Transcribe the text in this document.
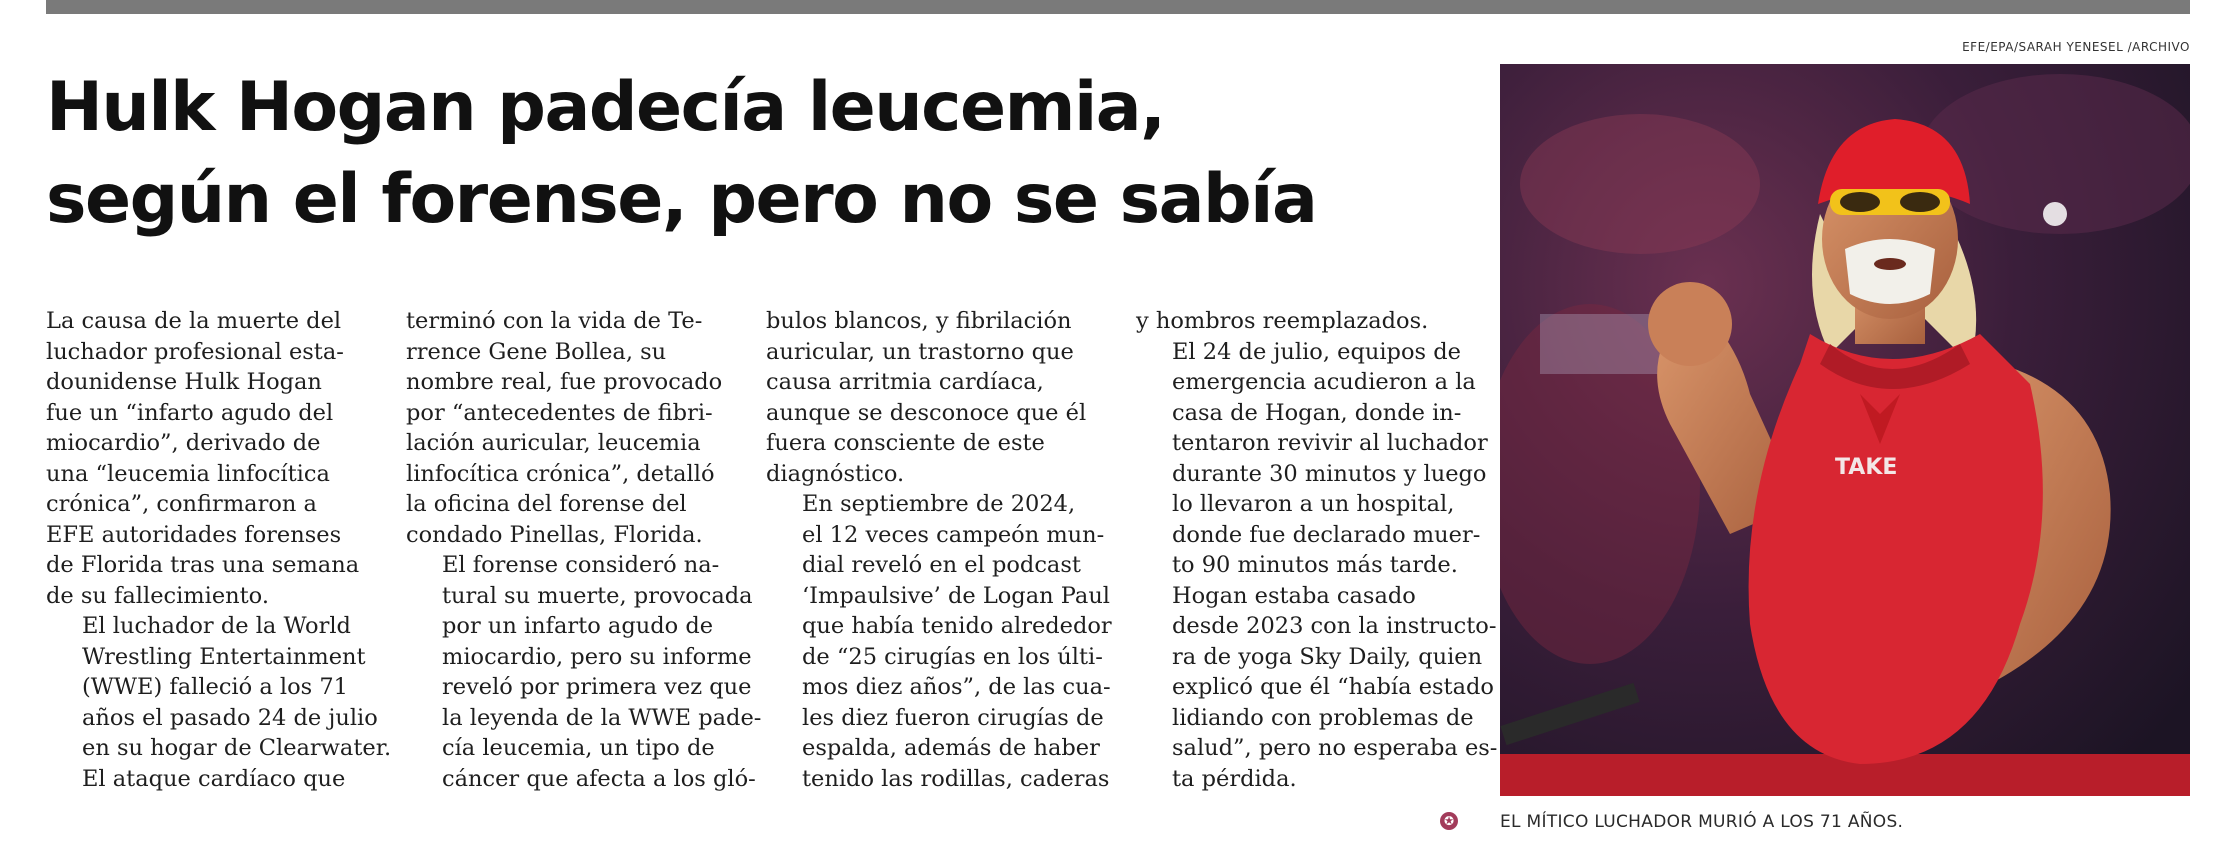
Hulk Hogan padecía leucemia,
según el forense, pero no se sabía

La causa de la muerte del
luchador profesional esta-
dounidense Hulk Hogan
fue un “infarto agudo del
miocardio”, derivado de
una “leucemia linfocítica
crónica”, confirmaron a
EFE autoridades forenses
de Florida tras una semana
de su fallecimiento.

El luchador de la World
Wrestling Entertainment
(WWE) falleció a los 71
años el pasado 24 de julio
en su hogar de Clearwater.

El ataque cardíaco que

terminó con la vida de Te-
rrence Gene Bollea, su
nombre real, fue provocado
por “antecedentes de fibri-
lación auricular, leucemia
linfocítica crónica”, detalló
la oficina del forense del
condado Pinellas, Florida.

El forense consideró na-
tural su muerte, provocada
por un infarto agudo de
miocardio, pero su informe
reveló por primera vez que
la leyenda de la WWE pade-
cía leucemia, un tipo de
cáncer que afecta a los gló-

bulos blancos, y fibrilación
auricular, un trastorno que
causa arritmia cardíaca,
aunque se desconoce que él
fuera consciente de este
diagnóstico.

En septiembre de 2024,
el 12 veces campeón mun-
dial reveló en el podcast
‘Impaulsive’ de Logan Paul
que había tenido alrededor
de “25 cirugías en los últi-
mos diez años”, de las cua-
les diez fueron cirugías de
espalda, además de haber
tenido las rodillas, caderas

y hombros reemplazados.

El 24 de julio, equipos de
emergencia acudieron a la
casa de Hogan, donde in-
tentaron revivir al luchador
durante 30 minutos y luego
lo llevaron a un hospital,
donde fue declarado muer-
to 90 minutos más tarde.

Hogan estaba casado
desde 2023 con la instructo-
ra de yoga Sky Daily, quien
explicó que él “había estado
lidiando con problemas de
salud”, pero no esperaba es-
ta pérdida.

✪
EFE/EPA/SARAH YENESEL /ARCHIVO
TAKE
EL MÍTICO LUCHADOR MURIÓ A LOS 71 AÑOS.
